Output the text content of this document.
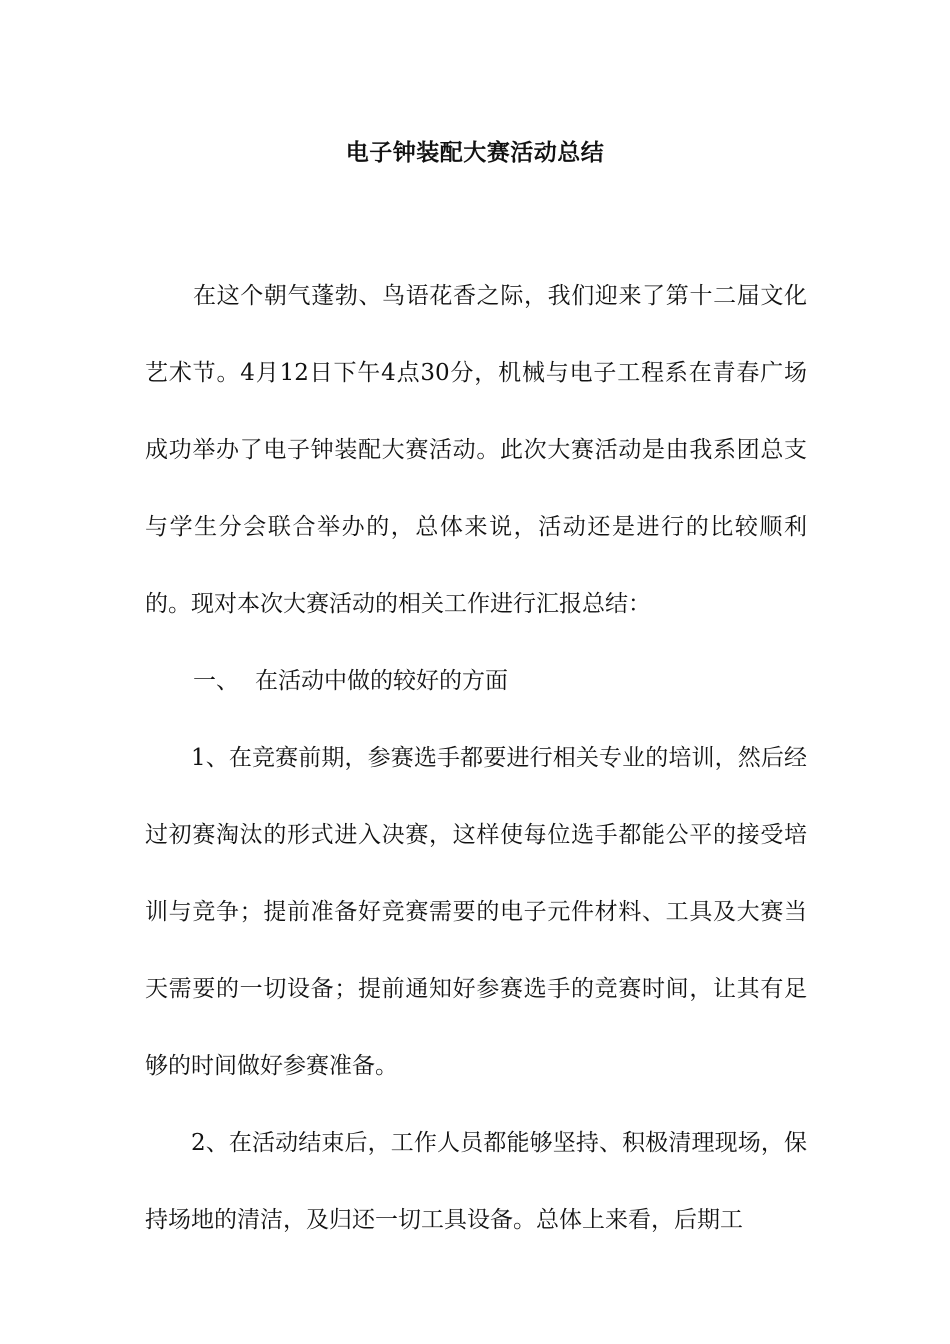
电子钟装配大赛活动总结

在这个朝气蓬勃、鸟语花香之际，我们迎来了第十二届文化艺术节。4月12日下午4点30分，机械与电子工程系在青春广场成功举办了电子钟装配大赛活动。此次大赛活动是由我系团总支与学生分会联合举办的，总体来说，活动还是进行的比较顺利的。现对本次大赛活动的相关工作进行汇报总结：

一、 在活动中做的较好的方面

1、在竞赛前期，参赛选手都要进行相关专业的培训，然后经过初赛淘汰的形式进入决赛，这样使每位选手都能公平的接受培训与竞争；提前准备好竞赛需要的电子元件材料、工具及大赛当天需要的一切设备；提前通知好参赛选手的竞赛时间，让其有足够的时间做好参赛准备。

2、在活动结束后，工作人员都能够坚持、积极清理现场，保持场地的清洁，及归还一切工具设备。总体上来看，后期工
